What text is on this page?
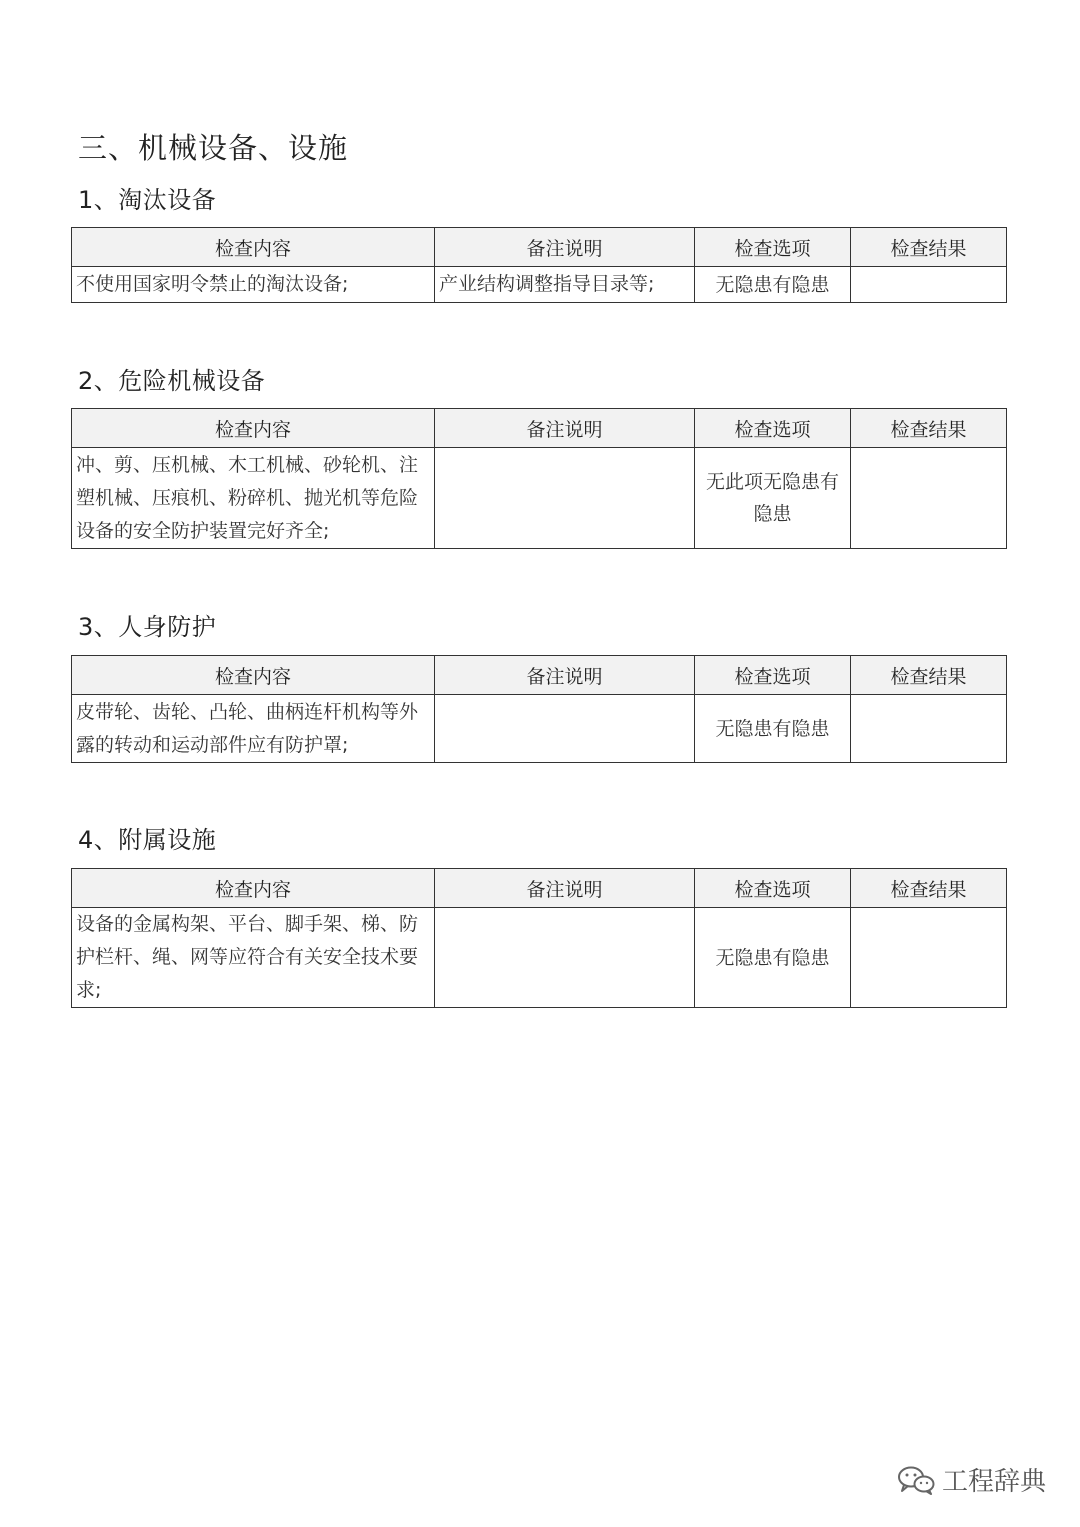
三、机械设备、设施
1、淘汰设备
检查内容	备注说明	检查选项	检查结果
不使用国家明令禁止的淘汰设备;	产业结构调整指导目录等;	无隐患有隐患	
2、危险机械设备
检查内容	备注说明	检查选项	检查结果
冲、剪、压机械、木工机械、砂轮机、注塑机械、压痕机、粉碎机、抛光机等危险设备的安全防护装置完好齐全;		无此项无隐患有隐患	
3、人身防护
检查内容	备注说明	检查选项	检查结果
皮带轮、齿轮、凸轮、曲柄连杆机构等外露的转动和运动部件应有防护罩;		无隐患有隐患	
4、附属设施
检查内容	备注说明	检查选项	检查结果
设备的金属构架、平台、脚手架、梯、防护栏杆、绳、网等应符合有关安全技术要求;		无隐患有隐患	
工程辞典
